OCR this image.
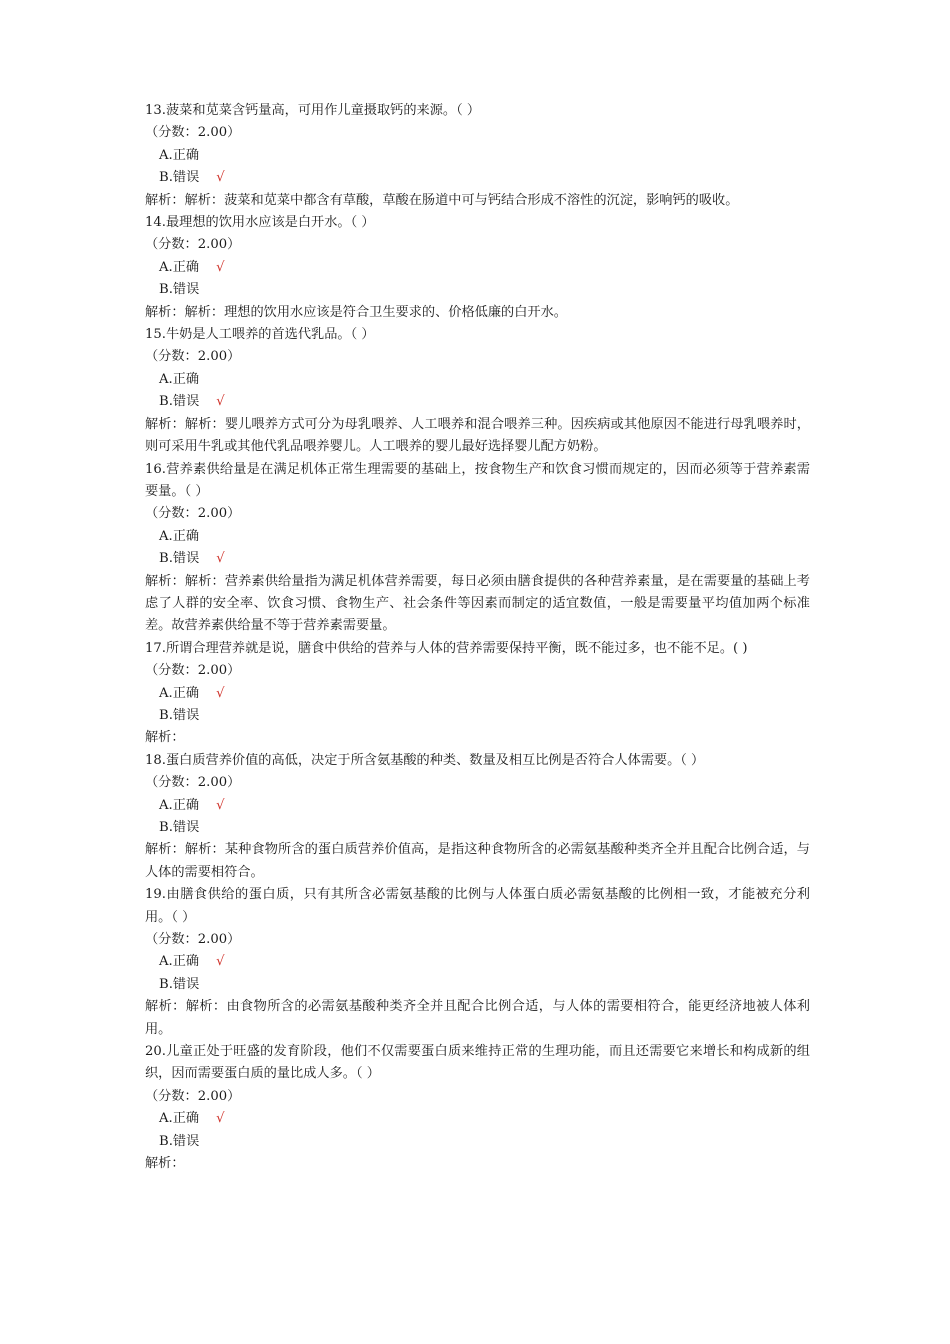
13.菠菜和苋菜含钙量高，可用作儿童摄取钙的来源。（ ）

（分数：2.00）

A.正确

B.错误 √

解析：解析：菠菜和苋菜中都含有草酸，草酸在肠道中可与钙结合形成不溶性的沉淀，影响钙的吸收。

14.最理想的饮用水应该是白开水。（ ）

（分数：2.00）

A.正确 √

B.错误

解析：解析：理想的饮用水应该是符合卫生要求的、价格低廉的白开水。

15.牛奶是人工喂养的首选代乳品。（ ）

（分数：2.00）

A.正确

B.错误 √

解析：解析：婴儿喂养方式可分为母乳喂养、人工喂养和混合喂养三种。因疾病或其他原因不能进行母乳喂养时，则可采用牛乳或其他代乳品喂养婴儿。人工喂养的婴儿最好选择婴儿配方奶粉。

16.营养素供给量是在满足机体正常生理需要的基础上，按食物生产和饮食习惯而规定的，因而必须等于营养素需要量。（ ）

（分数：2.00）

A.正确

B.错误 √

解析：解析：营养素供给量指为满足机体营养需要，每日必须由膳食提供的各种营养素量，是在需要量的基础上考虑了人群的安全率、饮食习惯、食物生产、社会条件等因素而制定的适宜数值，一般是需要量平均值加两个标准差。故营养素供给量不等于营养素需要量。

17.所谓合理营养就是说，膳食中供给的营养与人体的营养需要保持平衡，既不能过多，也不能不足。( )

（分数：2.00）

A.正确 √

B.错误

解析：

18.蛋白质营养价值的高低，决定于所含氨基酸的种类、数量及相互比例是否符合人体需要。（ ）

（分数：2.00）

A.正确 √

B.错误

解析：解析：某种食物所含的蛋白质营养价值高，是指这种食物所含的必需氨基酸种类齐全并且配合比例合适，与人体的需要相符合。

19.由膳食供给的蛋白质，只有其所含必需氨基酸的比例与人体蛋白质必需氨基酸的比例相一致，才能被充分利用。（ ）

（分数：2.00）

A.正确 √

B.错误

解析：解析：由食物所含的必需氨基酸种类齐全并且配合比例合适，与人体的需要相符合，能更经济地被人体利用。

20.儿童正处于旺盛的发育阶段，他们不仅需要蛋白质来维持正常的生理功能，而且还需要它来增长和构成新的组织，因而需要蛋白质的量比成人多。（ ）

（分数：2.00）

A.正确 √

B.错误

解析：
